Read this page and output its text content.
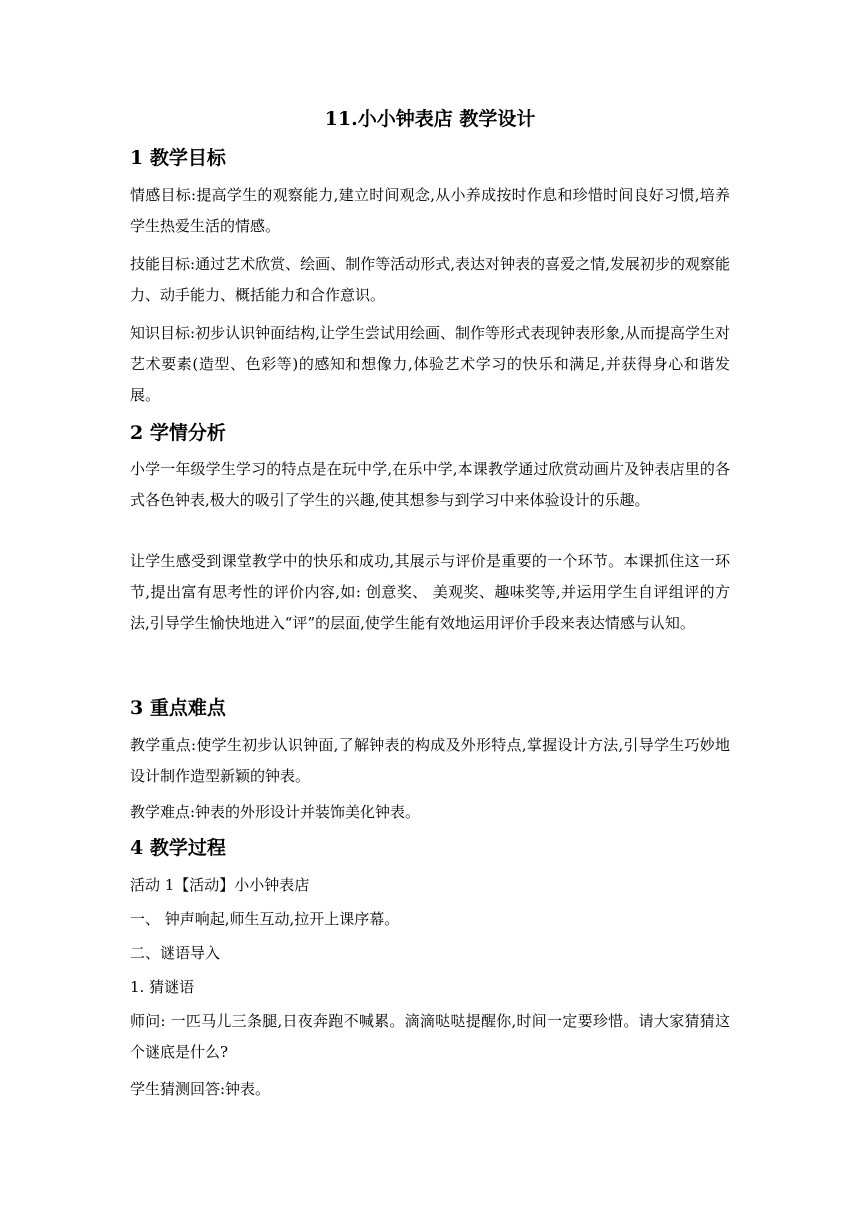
11.小小钟表店 教学设计
1 教学目标
情感目标:提高学生的观察能力,建立时间观念,从小养成按时作息和珍惜时间良好习惯,培养学生热爱生活的情感。
技能目标:通过艺术欣赏、绘画、制作等活动形式,表达对钟表的喜爱之情,发展初步的观察能力、动手能力、概括能力和合作意识。
知识目标:初步认识钟面结构,让学生尝试用绘画、制作等形式表现钟表形象,从而提高学生对艺术要素(造型、色彩等)的感知和想像力,体验艺术学习的快乐和满足,并获得身心和谐发展。
2 学情分析
小学一年级学生学习的特点是在玩中学,在乐中学,本课教学通过欣赏动画片及钟表店里的各式各色钟表,极大的吸引了学生的兴趣,使其想参与到学习中来体验设计的乐趣。
让学生感受到课堂教学中的快乐和成功,其展示与评价是重要的一个环节。本课抓住这一环节,提出富有思考性的评价内容,如: 创意奖、 美观奖、趣味奖等,并运用学生自评组评的方法,引导学生愉快地进入“评”的层面,使学生能有效地运用评价手段来表达情感与认知。
3 重点难点
教学重点:使学生初步认识钟面,了解钟表的构成及外形特点,掌握设计方法,引导学生巧妙地设计制作造型新颖的钟表。
教学难点:钟表的外形设计并装饰美化钟表。
4 教学过程
活动 1【活动】小小钟表店
一、 钟声响起,师生互动,拉开上课序幕。
二、谜语导入
1. 猜谜语
师问: 一匹马儿三条腿,日夜奔跑不喊累。滴滴哒哒提醒你,时间一定要珍惜。请大家猜猜这个谜底是什么?
学生猜测回答:钟表。
